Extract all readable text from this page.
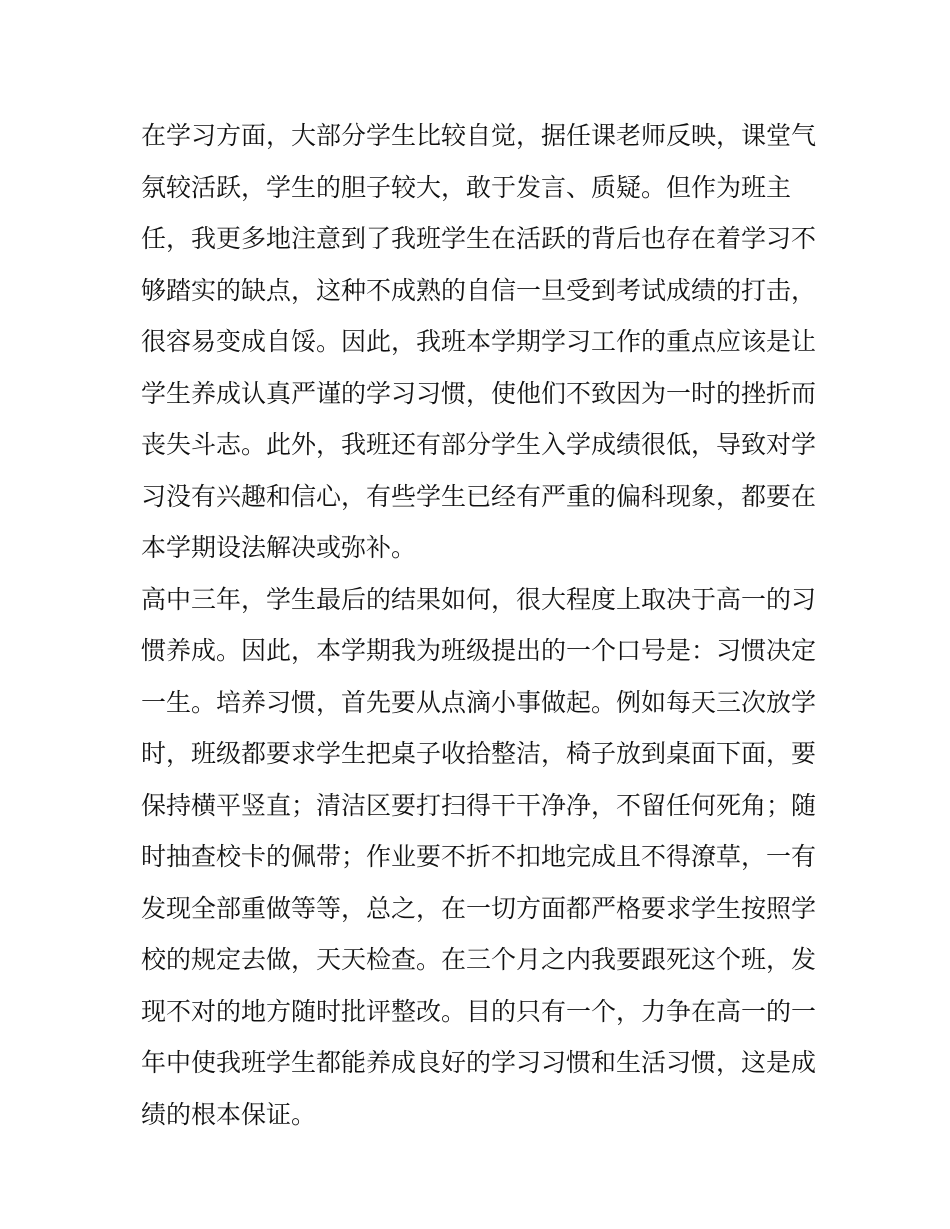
在学习方面，大部分学生比较自觉，据任课老师反映，课堂气
氛较活跃，学生的胆子较大，敢于发言、质疑。但作为班主
任，我更多地注意到了我班学生在活跃的背后也存在着学习不
够踏实的缺点，这种不成熟的自信一旦受到考试成绩的打击，
很容易变成自馁。因此，我班本学期学习工作的重点应该是让
学生养成认真严谨的学习习惯，使他们不致因为一时的挫折而
丧失斗志。此外，我班还有部分学生入学成绩很低，导致对学
习没有兴趣和信心，有些学生已经有严重的偏科现象，都要在
本学期设法解决或弥补。
高中三年，学生最后的结果如何，很大程度上取决于高一的习
惯养成。因此，本学期我为班级提出的一个口号是：习惯决定
一生。培养习惯，首先要从点滴小事做起。例如每天三次放学
时，班级都要求学生把桌子收拾整洁，椅子放到桌面下面，要
保持横平竖直；清洁区要打扫得干干净净，不留任何死角；随
时抽查校卡的佩带；作业要不折不扣地完成且不得潦草，一有
发现全部重做等等，总之，在一切方面都严格要求学生按照学
校的规定去做，天天检查。在三个月之内我要跟死这个班，发
现不对的地方随时批评整改。目的只有一个，力争在高一的一
年中使我班学生都能养成良好的学习习惯和生活习惯，这是成
绩的根本保证。
